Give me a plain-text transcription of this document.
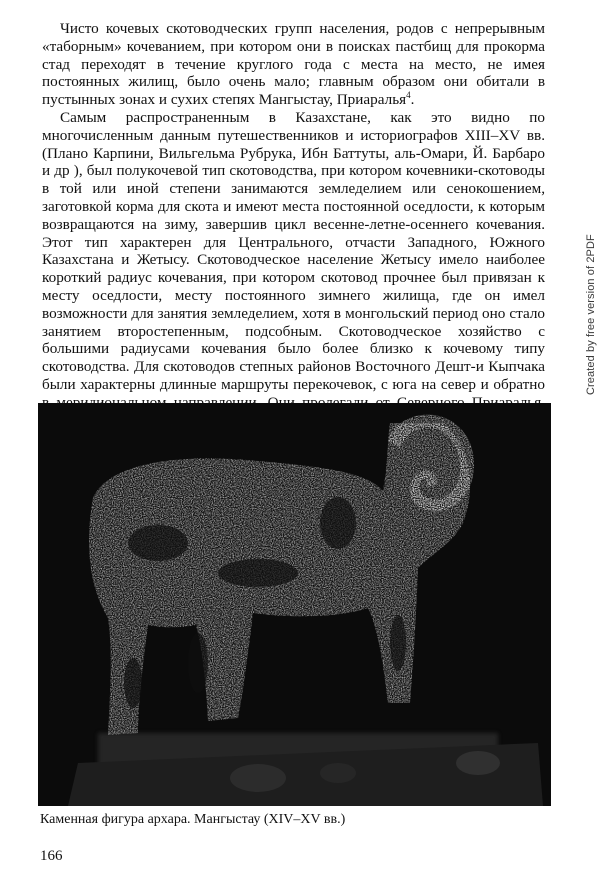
Чисто кочевых скотоводческих групп населения, родов с непрерывным «таборным» кочеванием, при котором они в поисках пастбищ для прокорма стад переходят в течение круглого года с места на место, не имея постоянных жилищ, было очень мало; главным образом они обитали в пустынных зонах и сухих степях Мангыстау, Приаралья$^4$.

Самым распространенным в Казахстане, как это видно по многочисленным данным путешественников и историографов XIII–XV вв. (Плано Карпини, Вильгельма Рубрука, Ибн Баттуты, аль-Омари, Й. Барбаро и др ), был полукочевой тип скотоводства, при котором кочевники-скотоводы в той или иной степени занимаются земледелием или сенокошением, заготовкой корма для скота и имеют места постоянной оседлости, к которым возвращаются на зиму, завершив цикл весенне-летне-осеннего кочевания. Этот тип характерен для Центрального, отчасти Западного, Южного Казахстана и Жетысу. Скотоводческое население Жетысу имело наиболее короткий радиус кочевания, при котором скотовод прочнее был привязан к месту оседлости, месту постоянного зимнего жилища, где он имел возможности для занятия земледелием, хотя в монгольский период оно стало занятием второстепенным, подсобным. Скотоводческое хозяйство с большими радиусами кочевания было более близко к кочевому типу скотоводства. Для скотоводов степных районов Восточного Дешт-и Кыпчака были характерны длинные маршруты перекочевок, с юга на север и обратно	Created by free version of 2PDF
Каменная фигура архара. Мангыстау (XIV–XV вв.)
166
